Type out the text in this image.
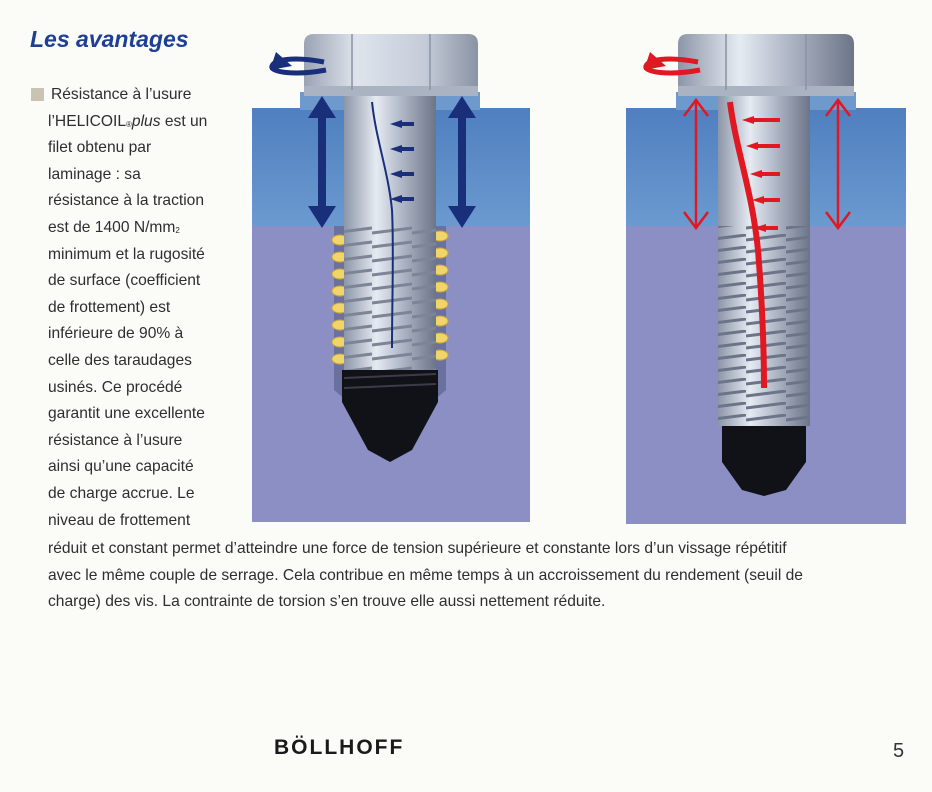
Les avantages
Résistance à l’usure
l’HELICOIL®plus est un
filet obtenu par
laminage : sa
résistance à la traction
est de 1400 $N/mm^2$
minimum et la rugosité
de surface (coefficient
de frottement) est
inférieure de 90% à
celle des taraudages
usinés. Ce procédé
garantit une excellente
résistance à l’usure
ainsi qu’une capacité
de charge accrue. Le
niveau de frottement
réduit et constant permet d’atteindre une force de tension supérieure et constante lors d’un vissage répétitif
avec le même couple de serrage. Cela contribue en même temps à un accroissement du rendement (seuil de
charge) des vis. La contrainte de torsion s’en trouve elle aussi nettement réduite.
BÖLLHOFF	5
